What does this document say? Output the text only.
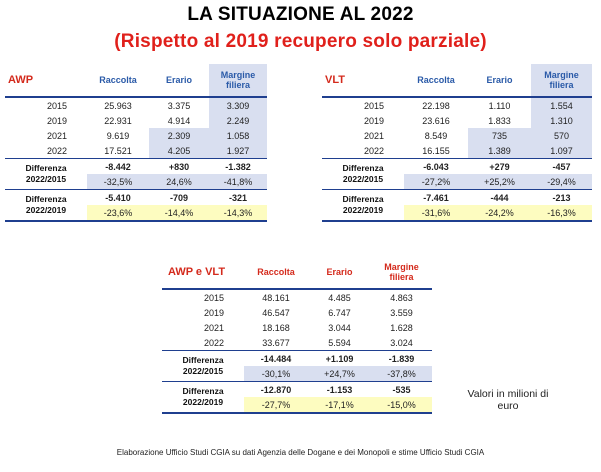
LA SITUAZIONE AL 2022
(Rispetto al 2019 recupero solo parziale)
AWP	Raccolta	Erario	Margine filiera
2015	25.963	3.375	3.309
2019	22.931	4.914	2.249
2021	9.619	2.309	1.058
2022	17.521	4.205	1.927
Differenza 2022/2015
-8.442	+830	-1.382
-32,5%	24,6%	-41,8%
Differenza 2022/2019
-5.410	-709	-321
-23,6%	-14,4%	-14,3%
VLT	Raccolta	Erario	Margine filiera
2015	22.198	1.110	1.554
2019	23.616	1.833	1.310
2021	8.549	735	570
2022	16.155	1.389	1.097
Differenza 2022/2015
-6.043	+279	-457
-27,2%	+25,2%	-29,4%
Differenza 2022/2019
-7.461	-444	-213
-31,6%	-24,2%	-16,3%
AWP e VLT	Raccolta	Erario	Margine filiera
2015	48.161	4.485	4.863
2019	46.547	6.747	3.559
2021	18.168	3.044	1.628
2022	33.677	5.594	3.024
Differenza 2022/2015
-14.484	+1.109	-1.839
-30,1%	+24,7%	-37,8%
Differenza 2022/2019
-12.870	-1.153	-535
-27,7%	-17,1%	-15,0%
Valori in milioni di euro
Elaborazione Ufficio Studi CGIA su dati Agenzia delle Dogane e dei Monopoli e stime Ufficio Studi CGIA
